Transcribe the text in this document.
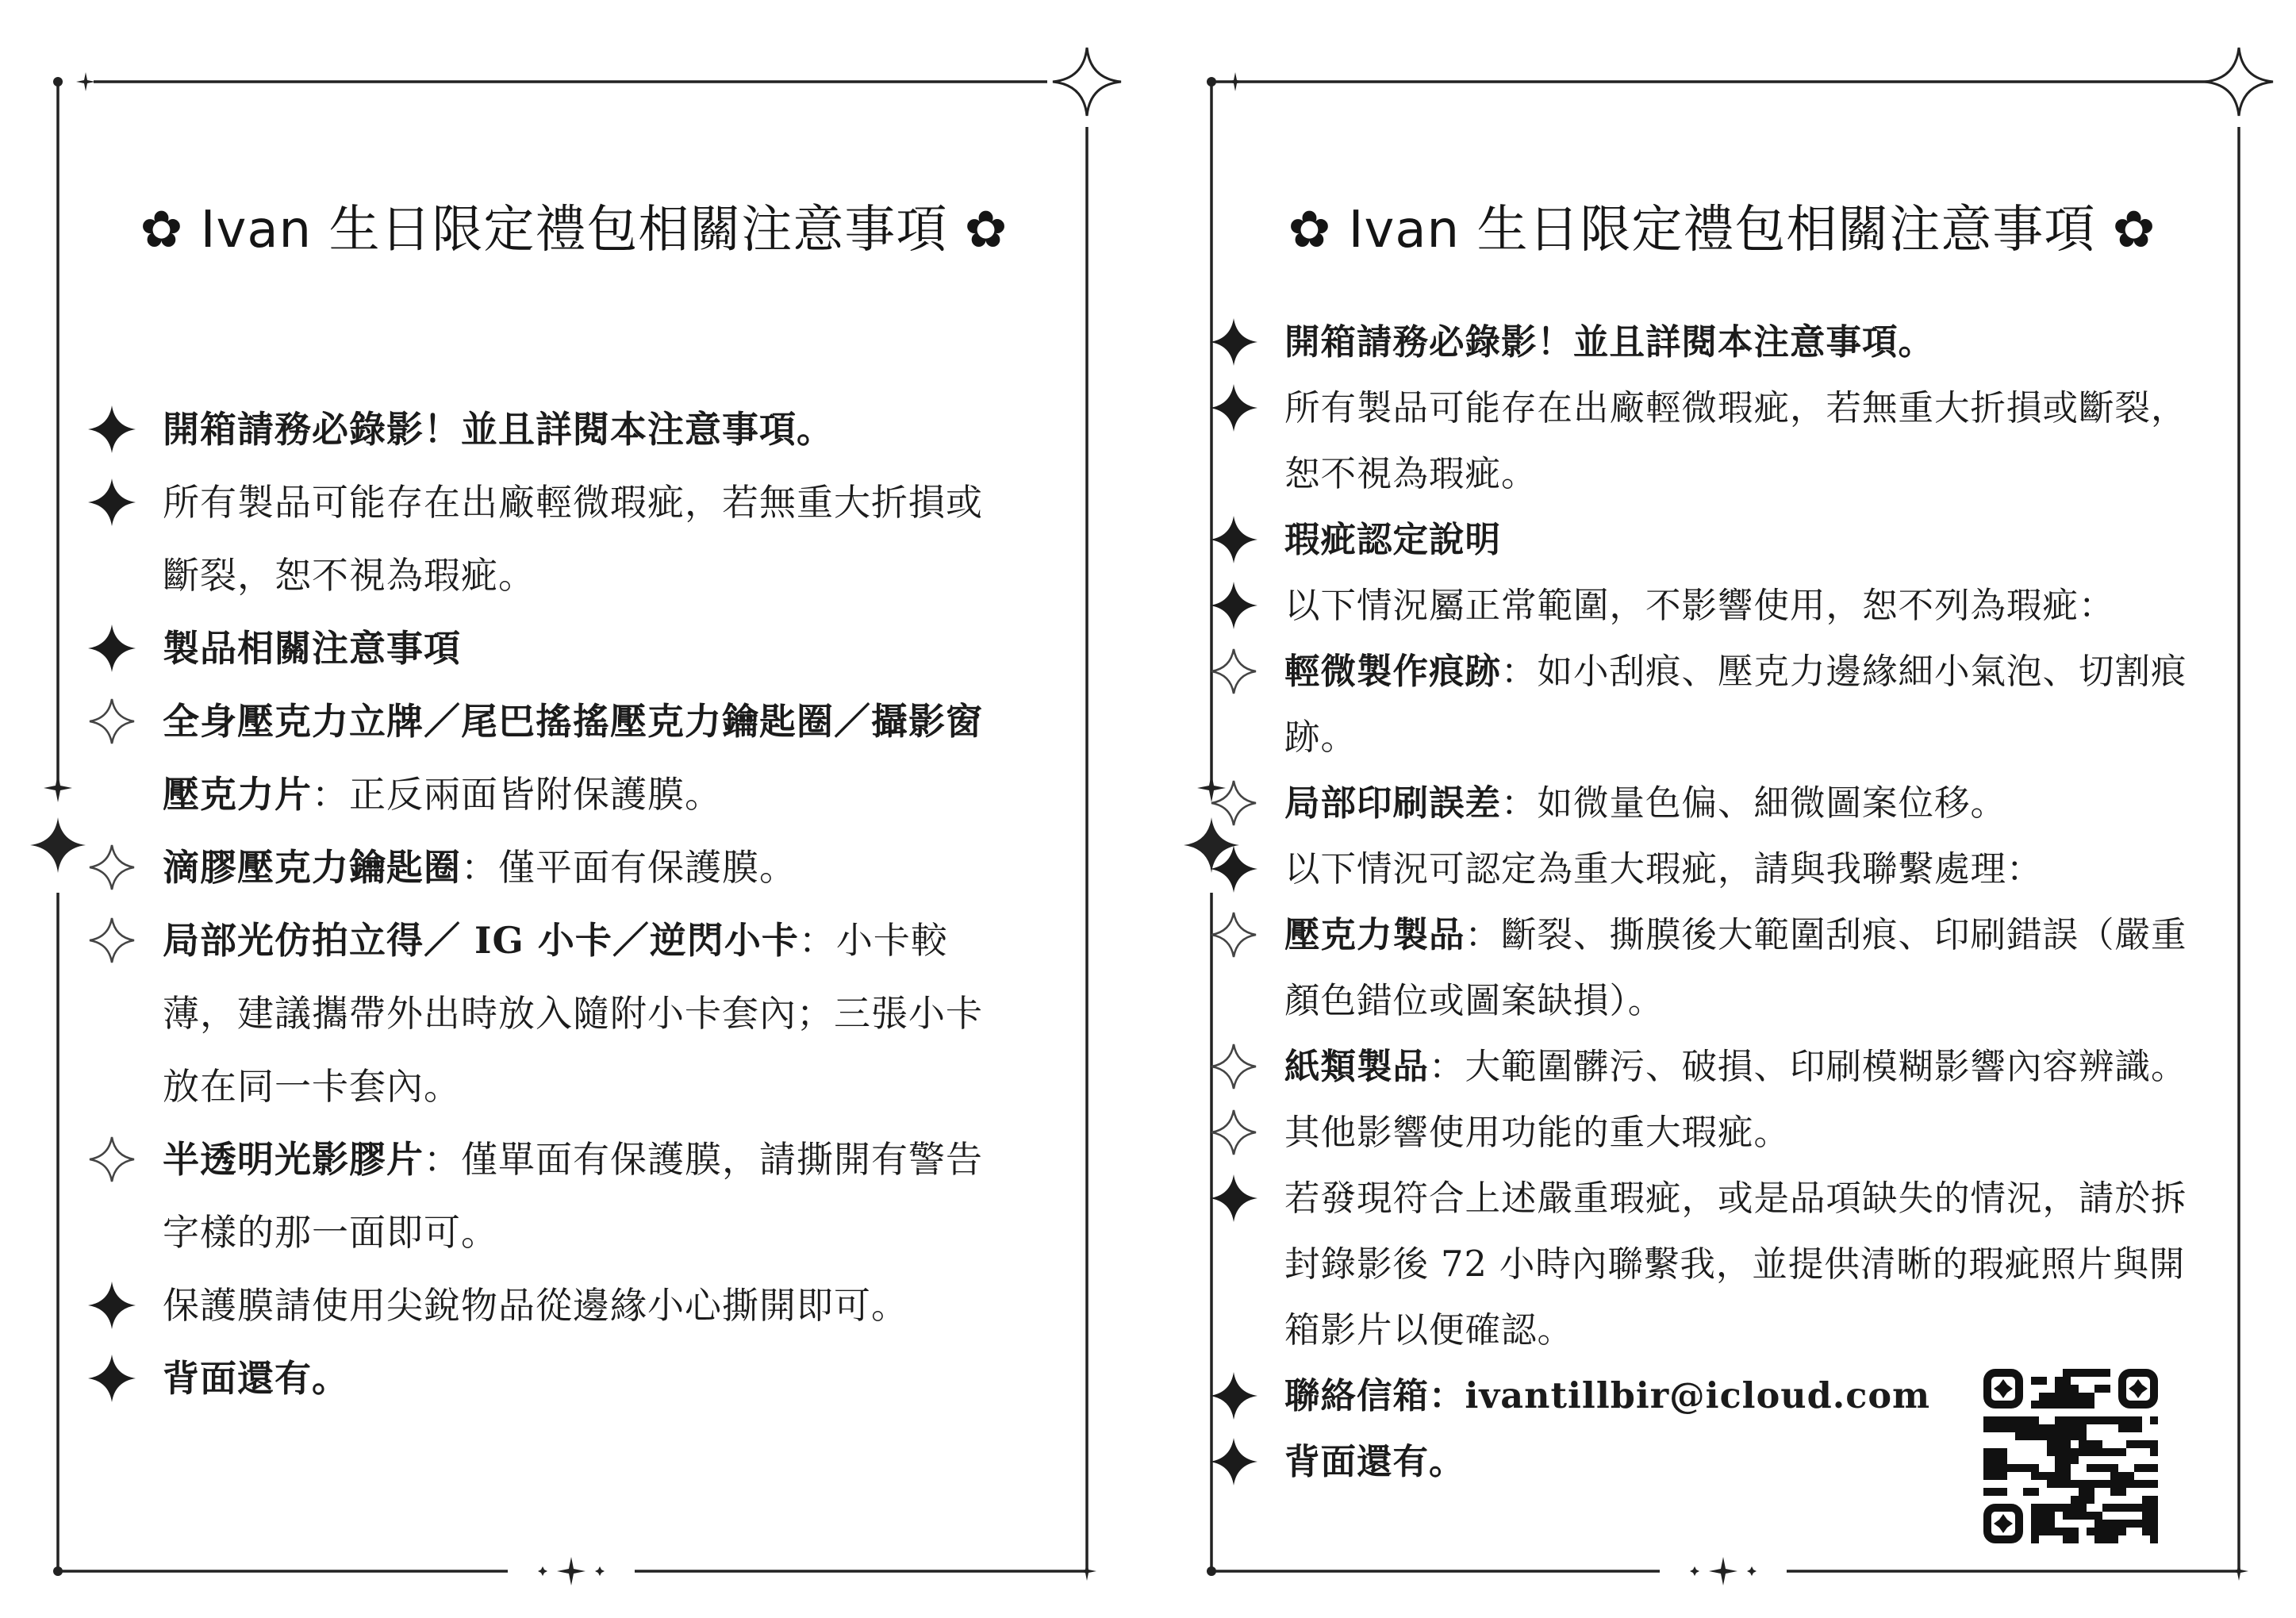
✿ Ivan 生日限定禮包相關注意事項 ✿
開箱請務必錄影！並且詳閱本注意事項。
所有製品可能存在出廠輕微瑕疵，若無重大折損或斷裂，恕不視為瑕疵。
製品相關注意事項
全身壓克力立牌／尾巴搖搖壓克力鑰匙圈／攝影窗壓克力片：正反兩面皆附保護膜。
滴膠壓克力鑰匙圈：僅平面有保護膜。
局部光仿拍立得／ IG 小卡／逆閃小卡：小卡較薄，建議攜帶外出時放入隨附小卡套內；三張小卡放在同一卡套內。
半透明光影膠片：僅單面有保護膜，請撕開有警告字樣的那一面即可。
保護膜請使用尖銳物品從邊緣小心撕開即可。
背面還有。
✿ Ivan 生日限定禮包相關注意事項 ✿
開箱請務必錄影！並且詳閱本注意事項。
所有製品可能存在出廠輕微瑕疵，若無重大折損或斷裂，恕不視為瑕疵。
瑕疵認定說明
以下情況屬正常範圍，不影響使用，恕不列為瑕疵：
輕微製作痕跡：如小刮痕、壓克力邊緣細小氣泡、切割痕跡。
局部印刷誤差：如微量色偏、細微圖案位移。
以下情況可認定為重大瑕疵，請與我聯繫處理：
壓克力製品：斷裂、撕膜後大範圍刮痕、印刷錯誤（嚴重顏色錯位或圖案缺損）。
紙類製品：大範圍髒污、破損、印刷模糊影響內容辨識。
其他影響使用功能的重大瑕疵。
若發現符合上述嚴重瑕疵，或是品項缺失的情況，請於拆封錄影後 72 小時內聯繫我，並提供清晰的瑕疵照片與開箱影片以便確認。
聯絡信箱：ivantillbir@icloud.com
背面還有。
